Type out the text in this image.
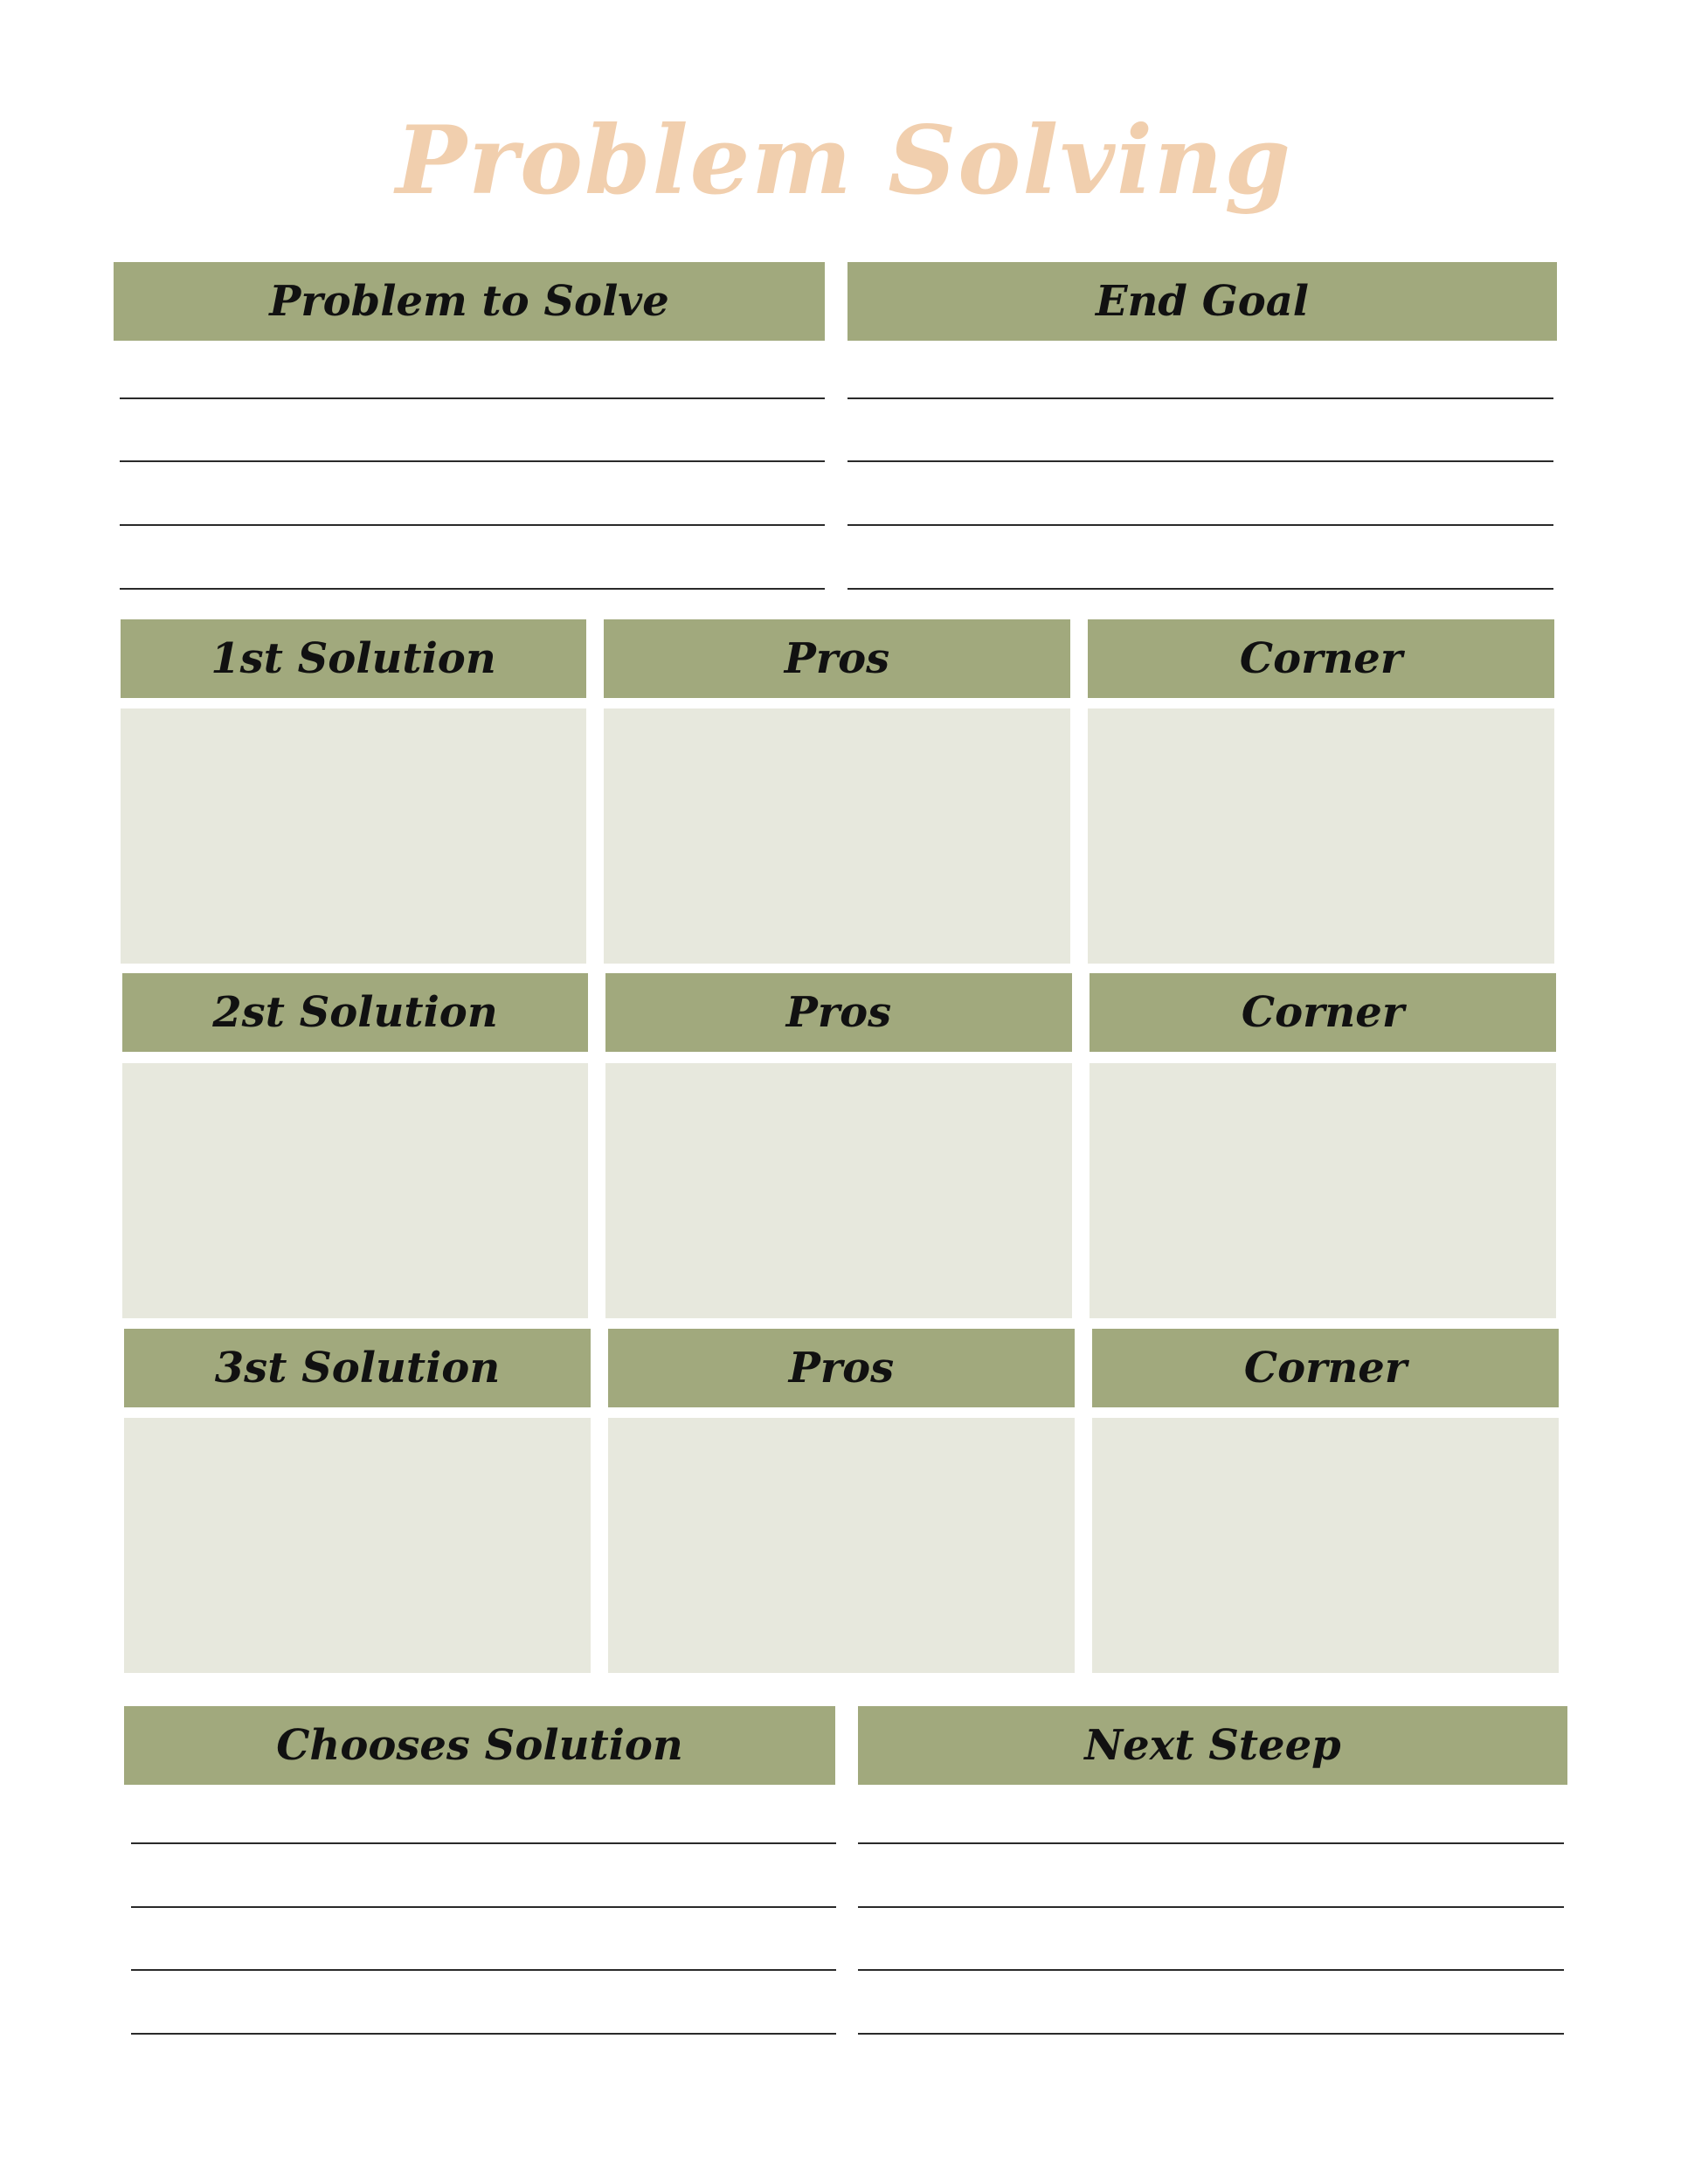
Problem Solving
Problem to Solve	End Goal
1st Solution	Pros	Corner
2st Solution	Pros	Corner
3st Solution	Pros	Corner
Chooses Solution	Next Steep
